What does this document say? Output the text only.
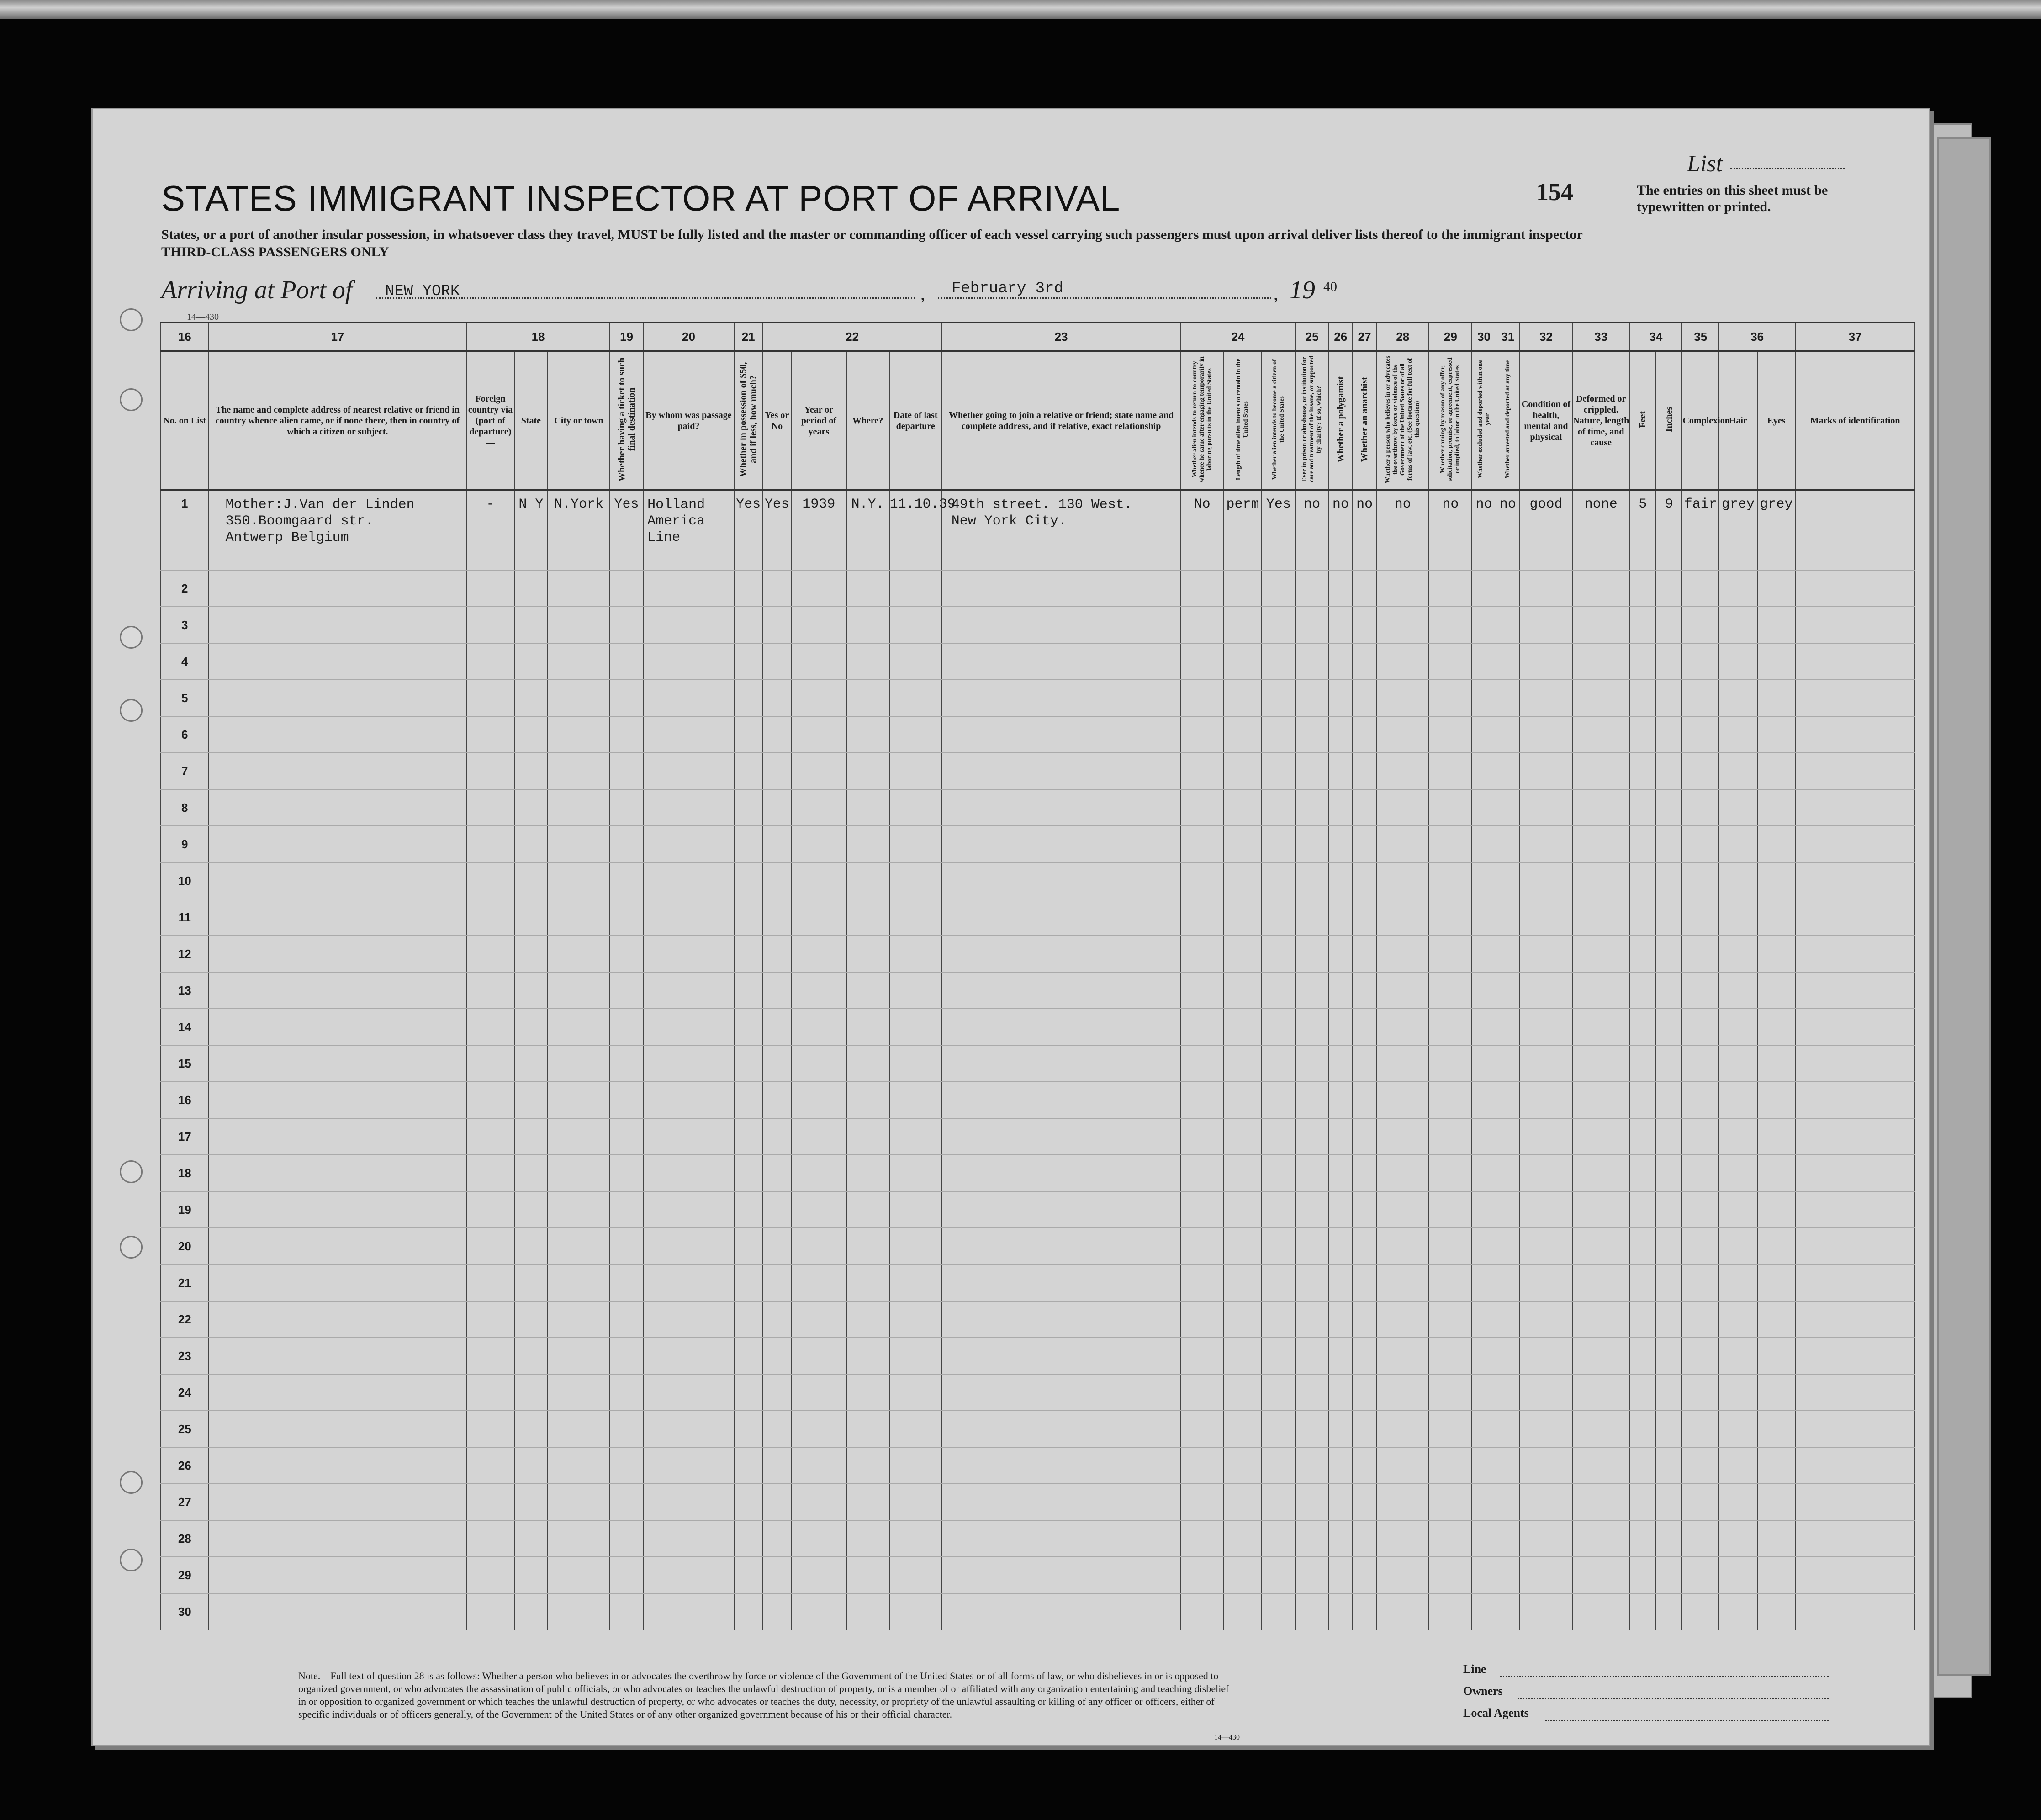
STATES IMMIGRANT INSPECTOR AT PORT OF ARRIVAL	154
List
The entries on this sheet must be typewritten or printed.
States, or a port of another insular possession, in whatsoever class they travel, MUST be fully listed and the master or commanding officer of each vessel carrying such passengers must upon arrival deliver lists thereof to the immigrant inspector
THIRD-CLASS PASSENGERS ONLY
Arriving at Port of NEW YORK	, February 3rd	, 19 40
14—430
16	17	18			19	20	21	22				23	24			25	26	27	28	29	30	31	32	33	34		35	36		37
No. on List	The name and complete address of nearest relative or friend in country whence alien came, or if none there, then in country of which a citizen or subject.	Foreign country via (port of departure)—	State	City or town	Whether having a ticket to such final destination	By whom was passage paid?	Whether in possession of $50, and if less, how much?	Yes or No	Year or period of years	Where?	Date of last departure	Whether going to join a relative or friend; state name and complete address, and if relative, exact relationship	Whether alien intends to return to country whence he came after engaging temporarily in laboring pursuits in the United States	Length of time alien intends to remain in the United States	Whether alien intends to become a citizen of the United States	Ever in prison or almshouse, or institution for care and treatment of the insane, or supported by charity? If so, which?	Whether a polygamist	Whether an anarchist	Whether a person who believes in or advocates the overthrow by force or violence of the Government of the United States or of all forms of law, etc. (See footnote for full text of this question)	Whether coming by reason of any offer, solicitation, promise, or agreement, expressed or implied, to labor in the United States	Whether excluded and deported within one year	Whether arrested and deported at any time	Condition of health, mental and physical	Deformed or crippled. Nature, length of time, and cause	Feet	Inches	Complexion	Hair	Eyes	Marks of identification
1	Mother:J.Van der Linden
350.Boomgaard str.
Antwerp Belgium	-	N Y	N.York	Yes	Holland
America
Line	Yes	Yes	1939	N.Y.	11.10.39	49th street. 130 West.
New York City.	No	perm	Yes	no	no	no	no	no	no	no	good	none	5	9	fair	grey	grey	
2																														
3																														
4																														
5																														
6																														
7																														
8																														
9																														
10																														
11																														
12																														
13																														
14																														
15																														
16																														
17																														
18																														
19																														
20																														
21																														
22																														
23																														
24																														
25																														
26																														
27																														
28																														
29																														
30																														
Note.—Full text of question 28 is as follows: Whether a person who believes in or advocates the overthrow by force or violence of the Government of the United States or of all forms of law, or who disbelieves in or is opposed to organized government, or who advocates the assassination of public officials, or who advocates or teaches the unlawful destruction of property, or is a member of or affiliated with any organization entertaining and teaching disbelief in or opposition to organized government or which teaches the unlawful destruction of property, or who advocates or teaches the duty, necessity, or propriety of the unlawful assaulting or killing of any officer or officers, either of specific individuals or of officers generally, of the Government of the United States or of any other organized government because of his or their official character.
14—430
Line
Owners
Local Agents
